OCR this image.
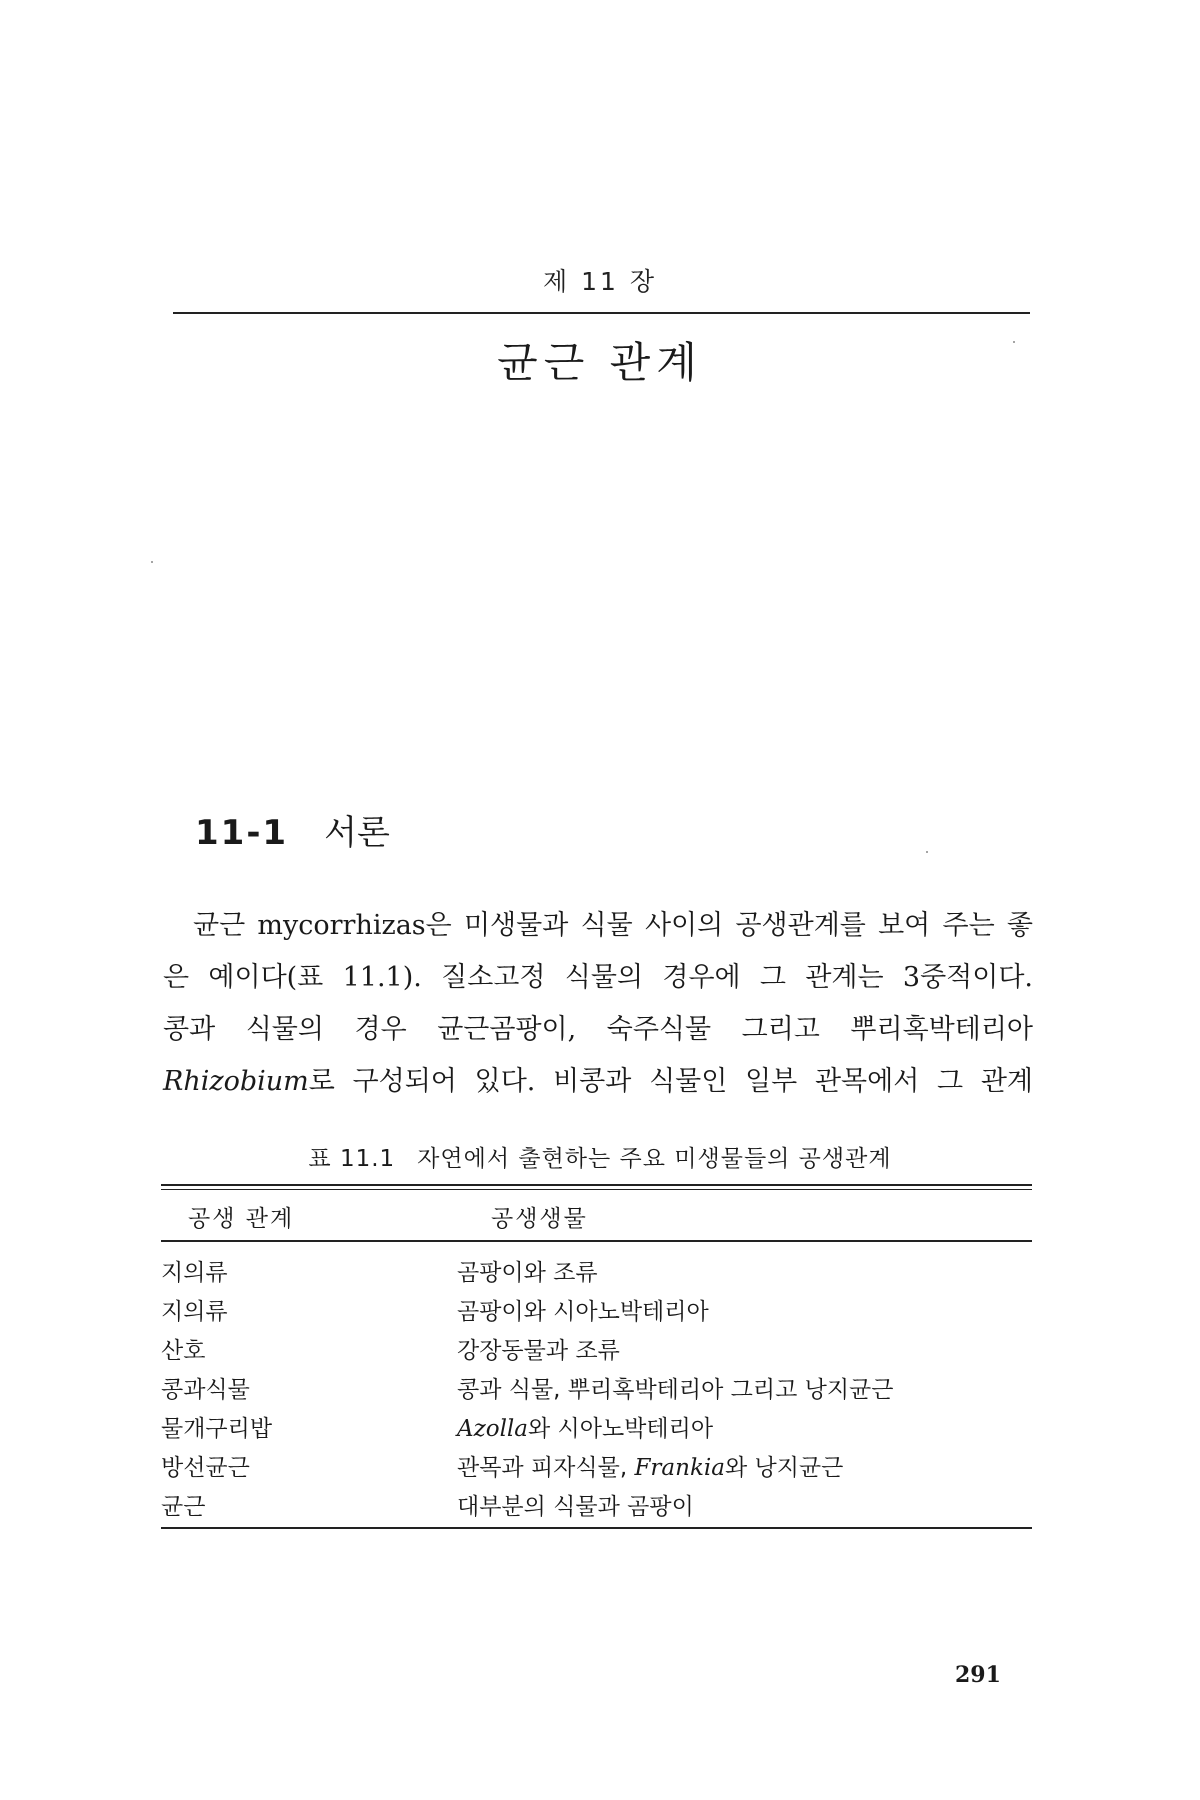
제 11 장
균근 관계
11-1 서론
균근 mycorrhizas은 미생물과 식물 사이의 공생관계를 보여 주는 좋
은 예이다(표 11.1). 질소고정 식물의 경우에 그 관계는 3중적이다.
콩과 식물의 경우 균근곰팡이, 숙주식물 그리고 뿌리혹박테리아
Rhizobium로 구성되어 있다. 비콩과 식물인 일부 관목에서 그 관계
표 11.1 자연에서 출현하는 주요 미생물들의 공생관계
공생 관계	공생생물
지의류	곰팡이와 조류
지의류	곰팡이와 시아노박테리아
산호	강장동물과 조류
콩과식물	콩과 식물, 뿌리혹박테리아 그리고 낭지균근
물개구리밥	Azolla와 시아노박테리아
방선균근	관목과 피자식물, Frankia와 낭지균근
균근	대부분의 식물과 곰팡이
291
